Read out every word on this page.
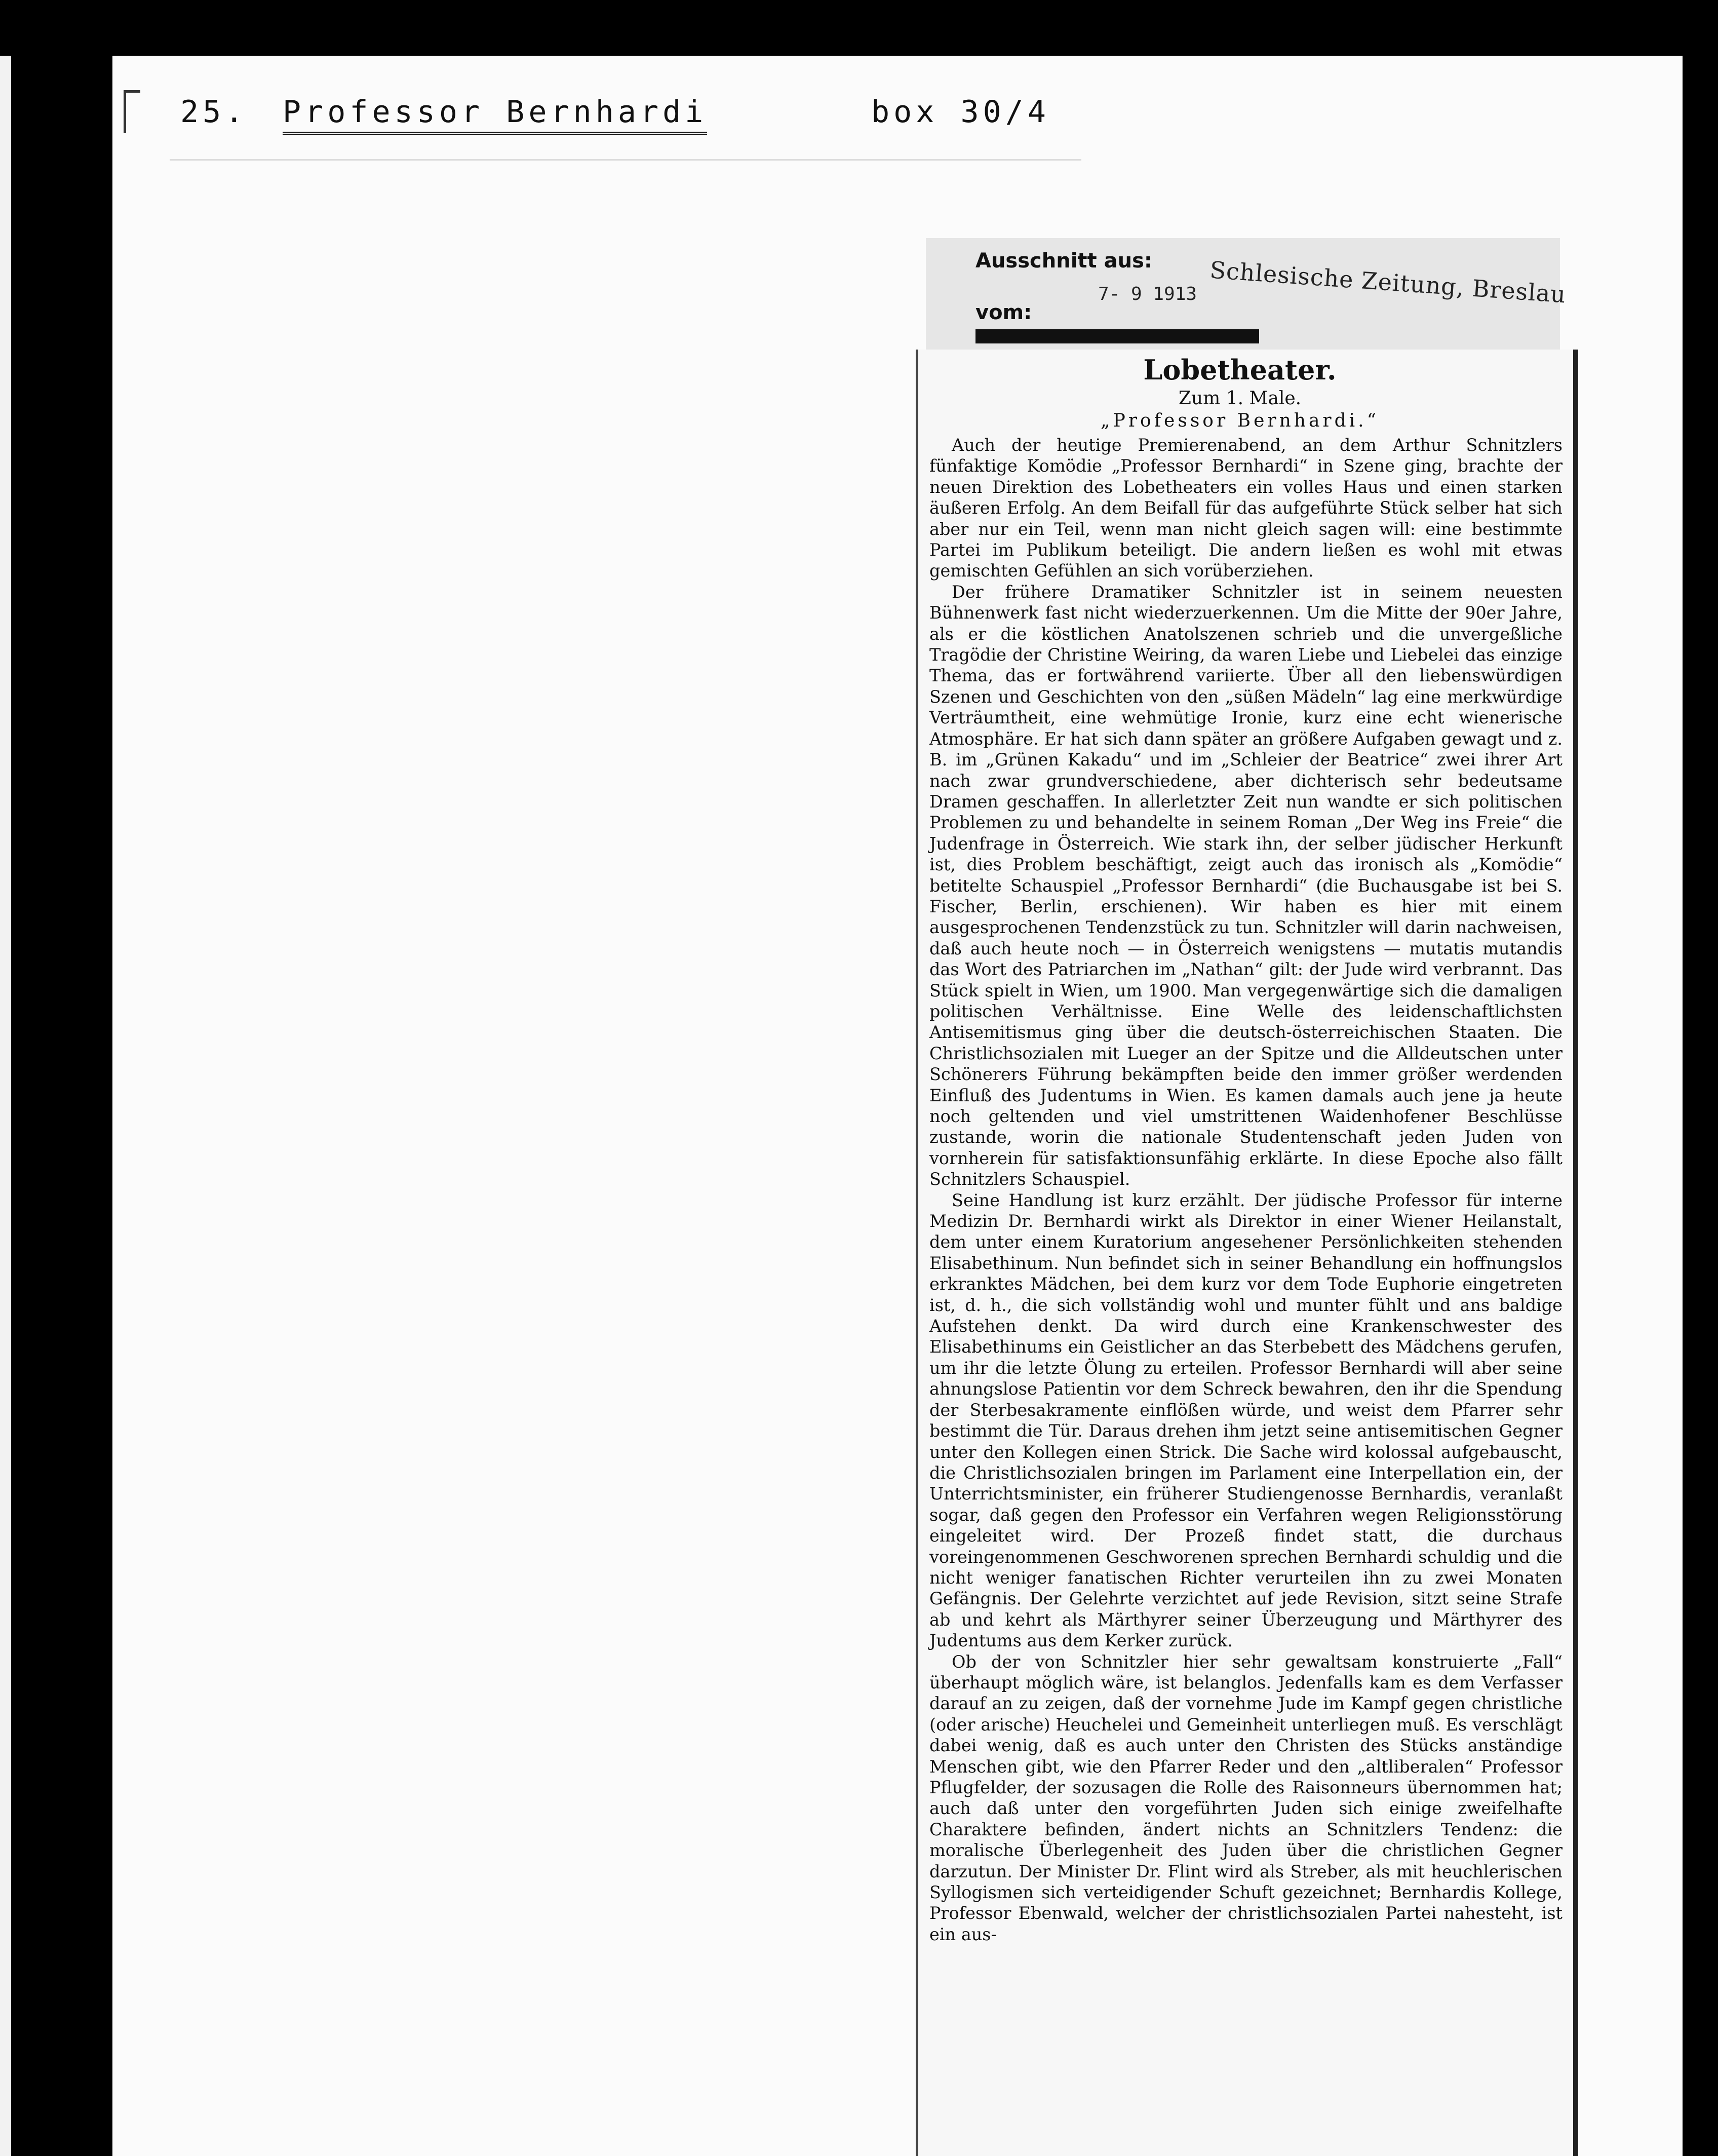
25. Professor Bernhardi	box 30/4
Ausschnitt aus: Schlesische Zeitung, Breslau
7- 9 1913
vom:
Lobetheater.
Zum 1. Male.
„Professor Bernhardi.“

Auch der heutige Premierenabend, an dem Arthur Schnitzlers fünfaktige Komödie „Professor Bernhardi“ in Szene ging, brachte der neuen Direktion des Lobetheaters ein volles Haus und einen starken äußeren Erfolg. An dem Beifall für das aufgeführte Stück selber hat sich aber nur ein Teil, wenn man nicht gleich sagen will: eine bestimmte Partei im Publikum beteiligt. Die andern ließen es wohl mit etwas gemischten Gefühlen an sich vorüberziehen.

Der frühere Dramatiker Schnitzler ist in seinem neuesten Bühnenwerk fast nicht wiederzuerkennen. Um die Mitte der 90er Jahre, als er die köstlichen Anatolszenen schrieb und die unvergeßliche Tragödie der Christine Weiring, da waren Liebe und Liebelei das einzige Thema, das er fortwährend variierte. Über all den liebenswürdigen Szenen und Geschichten von den „süßen Mädeln“ lag eine merkwürdige Verträumtheit, eine wehmütige Ironie, kurz eine echt wienerische Atmosphäre. Er hat sich dann später an größere Aufgaben gewagt und z. B. im „Grünen Kakadu“ und im „Schleier der Beatrice“ zwei ihrer Art nach zwar grundverschiedene, aber dichterisch sehr bedeutsame Dramen geschaffen. In allerletzter Zeit nun wandte er sich politischen Problemen zu und behandelte in seinem Roman „Der Weg ins Freie“ die Judenfrage in Österreich. Wie stark ihn, der selber jüdischer Herkunft ist, dies Problem beschäftigt, zeigt auch das ironisch als „Komödie“ betitelte Schauspiel „Professor Bernhardi“ (die Buchausgabe ist bei S. Fischer, Berlin, erschienen). Wir haben es hier mit einem ausgesprochenen Tendenzstück zu tun. Schnitzler will darin nachweisen, daß auch heute noch — in Österreich wenigstens — mutatis mutandis das Wort des Patriarchen im „Nathan“ gilt: der Jude wird verbrannt. Das Stück spielt in Wien, um 1900. Man vergegenwärtige sich die damaligen politischen Verhältnisse. Eine Welle des leidenschaftlichsten Antisemitismus ging über die deutsch-österreichischen Staaten. Die Christlichsozialen mit Lueger an der Spitze und die Alldeutschen unter Schönerers Führung bekämpften beide den immer größer werdenden Einfluß des Judentums in Wien. Es kamen damals auch jene ja heute noch geltenden und viel umstrittenen Waidenhofener Beschlüsse zustande, worin die nationale Studentenschaft jeden Juden von vornherein für satisfaktionsunfähig erklärte. In diese Epoche also fällt Schnitzlers Schauspiel.

Seine Handlung ist kurz erzählt. Der jüdische Professor für interne Medizin Dr. Bernhardi wirkt als Direktor in einer Wiener Heilanstalt, dem unter einem Kuratorium angesehener Persönlichkeiten stehenden Elisabethinum. Nun befindet sich in seiner Behandlung ein hoffnungslos erkranktes Mädchen, bei dem kurz vor dem Tode Euphorie eingetreten ist, d. h., die sich vollständig wohl und munter fühlt und ans baldige Aufstehen denkt. Da wird durch eine Krankenschwester des Elisabethinums ein Geistlicher an das Sterbebett des Mädchens gerufen, um ihr die letzte Ölung zu erteilen. Professor Bernhardi will aber seine ahnungslose Patientin vor dem Schreck bewahren, den ihr die Spendung der Sterbesakramente einflößen würde, und weist dem Pfarrer sehr bestimmt die Tür. Daraus drehen ihm jetzt seine antisemitischen Gegner unter den Kollegen einen Strick. Die Sache wird kolossal aufgebauscht, die Christlichsozialen bringen im Parlament eine Interpellation ein, der Unterrichtsminister, ein früherer Studiengenosse Bernhardis, veranlaßt sogar, daß gegen den Professor ein Verfahren wegen Religionsstörung eingeleitet wird. Der Prozeß findet statt, die durchaus voreingenommenen Geschworenen sprechen Bernhardi schuldig und die nicht weniger fanatischen Richter verurteilen ihn zu zwei Monaten Gefängnis. Der Gelehrte verzichtet auf jede Revision, sitzt seine Strafe ab und kehrt als Märthyrer seiner Überzeugung und Märthyrer des Judentums aus dem Kerker zurück.

Ob der von Schnitzler hier sehr gewaltsam konstruierte „Fall“ überhaupt möglich wäre, ist belanglos. Jedenfalls kam es dem Verfasser darauf an zu zeigen, daß der vornehme Jude im Kampf gegen christliche (oder arische) Heuchelei und Gemeinheit unterliegen muß. Es verschlägt dabei wenig, daß es auch unter den Christen des Stücks anständige Menschen gibt, wie den Pfarrer Reder und den „altliberalen“ Professor Pflugfelder, der sozusagen die Rolle des Raisonneurs übernommen hat; auch daß unter den vorgeführten Juden sich einige zweifelhafte Charaktere befinden, ändert nichts an Schnitzlers Tendenz: die moralische Überlegenheit des Juden über die christlichen Gegner darzutun. Der Minister Dr. Flint wird als Streber, als mit heuchlerischen Syllogismen sich verteidigender Schuft gezeichnet; Bernhardis Kollege, Professor Ebenwald, welcher der christlichsozialen Partei nahesteht, ist ein aus-
